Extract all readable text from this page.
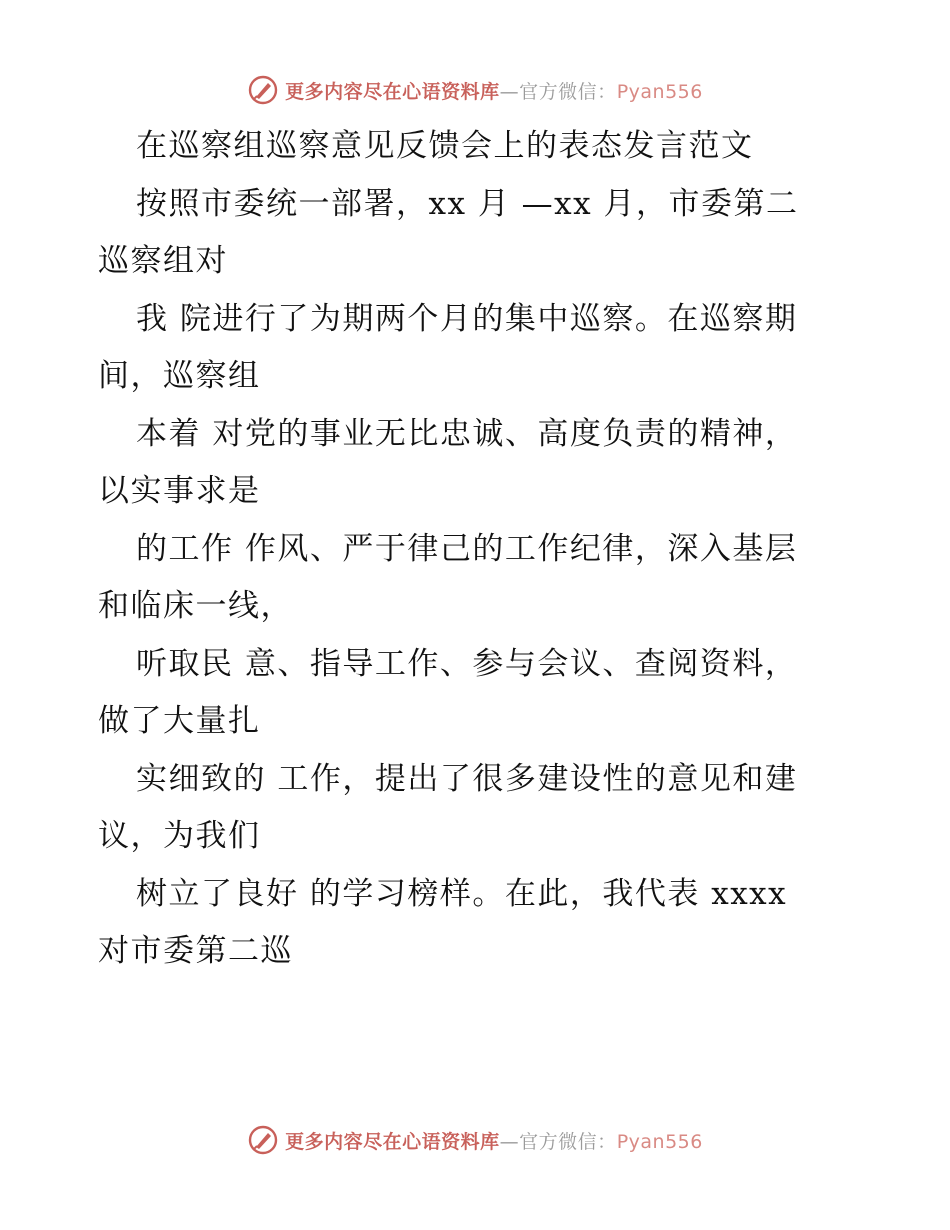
更多内容尽在心语资料库—官方微信：Pyan556
在巡察组巡察意见反馈会上的表态发言范文
按照市委统一部署，xx 月 —xx 月，市委第二
巡察组对
我 院进行了为期两个月的集中巡察。在巡察期
间，巡察组
本着 对党的事业无比忠诚、高度负责的精神，
以实事求是
的工作 作风、严于律己的工作纪律，深入基层
和临床一线，
听取民 意、指导工作、参与会议、查阅资料，
做了大量扎
实细致的 工作，提出了很多建设性的意见和建
议，为我们
树立了良好 的学习榜样。在此，我代表 xxxx
对市委第二巡
更多内容尽在心语资料库—官方微信：Pyan556
